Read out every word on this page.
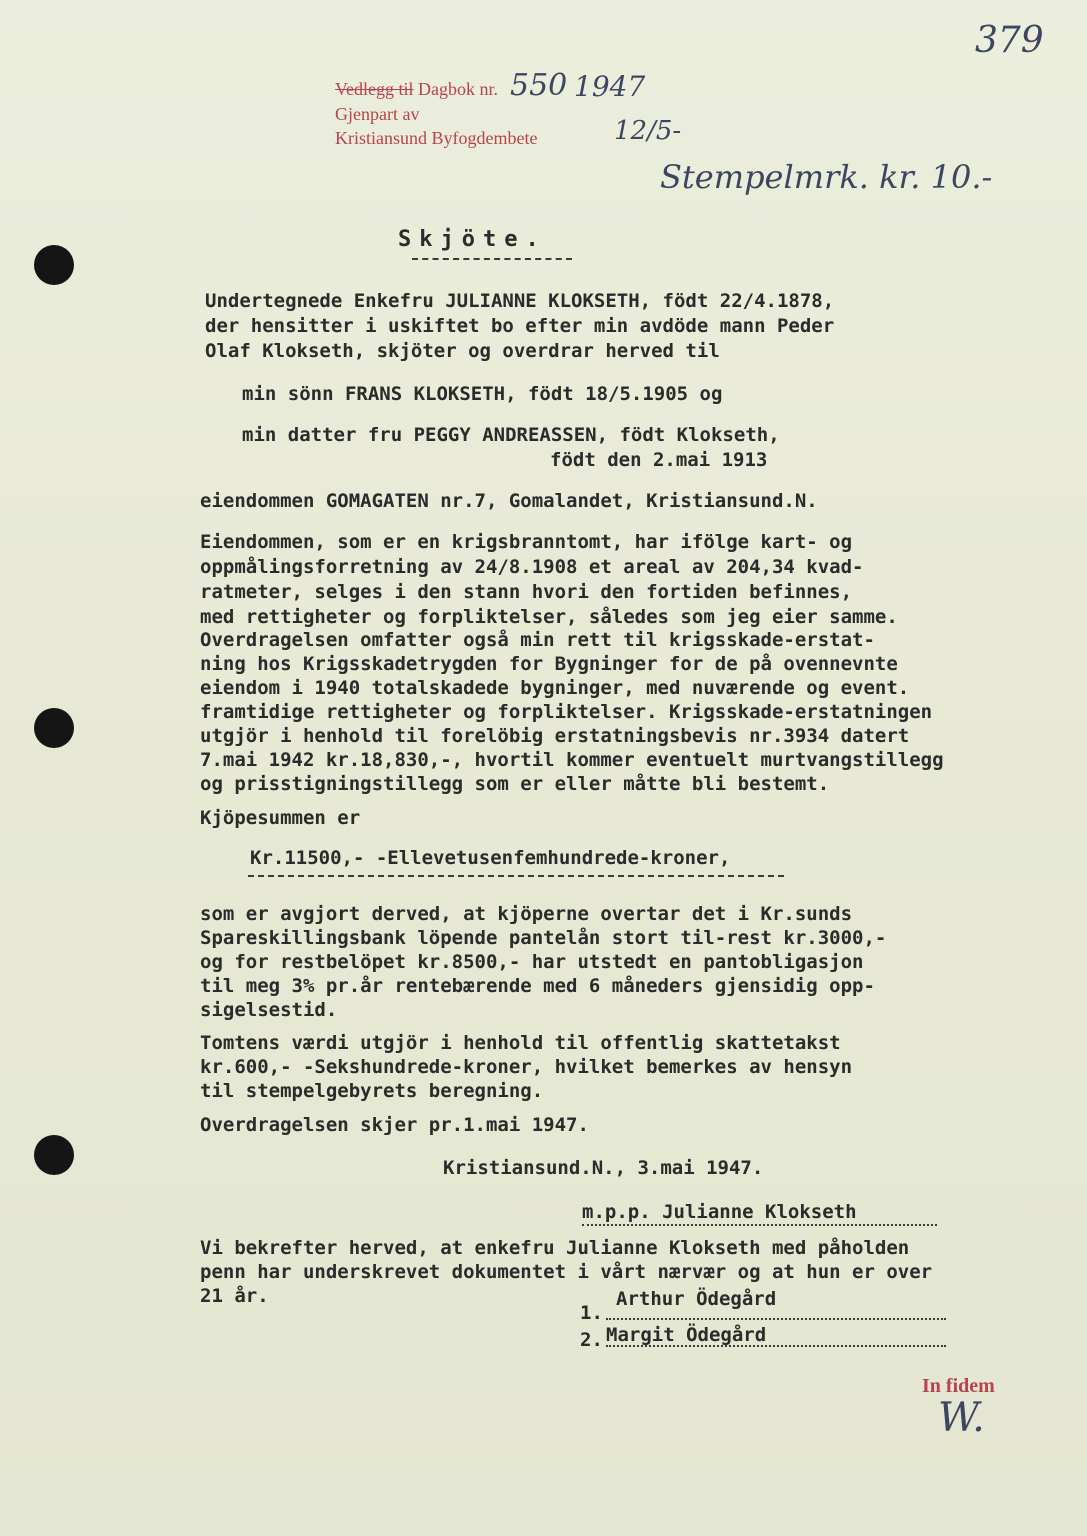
Vedlegg til Dagbok nr.
Gjenpart av
Kristiansund Byfogdembete
550 1947
12/5-
379
Stempelmrk. kr. 10.-
Skjöte.
Undertegnede Enkefru JULIANNE KLOKSETH, födt 22/4.1878,
der hensitter i uskiftet bo efter min avdöde mann Peder
Olaf Klokseth, skjöter og overdrar herved til
min sönn FRANS KLOKSETH, födt 18/5.1905 og
min datter fru PEGGY ANDREASSEN, födt Klokseth,
födt den 2.mai 1913
eiendommen GOMAGATEN nr.7, Gomalandet, Kristiansund.N.
Eiendommen, som er en krigsbranntomt, har ifölge kart- og
oppmålingsforretning av 24/8.1908 et areal av 204,34 kvad-
ratmeter, selges i den stann hvori den fortiden befinnes,
med rettigheter og forpliktelser, således som jeg eier samme.
Overdragelsen omfatter også min rett til krigsskade-erstat-
ning hos Krigsskadetrygden for Bygninger for de på ovennevnte
eiendom i 1940 totalskadede bygninger, med nuværende og event.
framtidige rettigheter og forpliktelser. Krigsskade-erstatningen
utgjör i henhold til forelöbig erstatningsbevis nr.3934 datert
7.mai 1942 kr.18,830,-, hvortil kommer eventuelt murtvangstillegg
og prisstigningstillegg som er eller måtte bli bestemt.
Kjöpesummen er
Kr.11500,- -Ellevetusenfemhundrede-kroner,
som er avgjort derved, at kjöperne overtar det i Kr.sunds
Spareskillingsbank löpende pantelån stort til-rest kr.3000,-
og for restbelöpet kr.8500,- har utstedt en pantobligasjon
til meg 3% pr.år rentebærende med 6 måneders gjensidig opp-
sigelsestid.
Tomtens værdi utgjör i henhold til offentlig skattetakst
kr.600,- -Sekshundrede-kroner, hvilket bemerkes av hensyn
til stempelgebyrets beregning.
Overdragelsen skjer pr.1.mai 1947.
Kristiansund.N., 3.mai 1947.
m.p.p. Julianne Klokseth
Vi bekrefter herved, at enkefru Julianne Klokseth med påholden
penn har underskrevet dokumentet i vårt nærvær og at hun er over
21 år.
1.
Arthur Ödegård
2. Margit Ödegård
In fidem
W.
